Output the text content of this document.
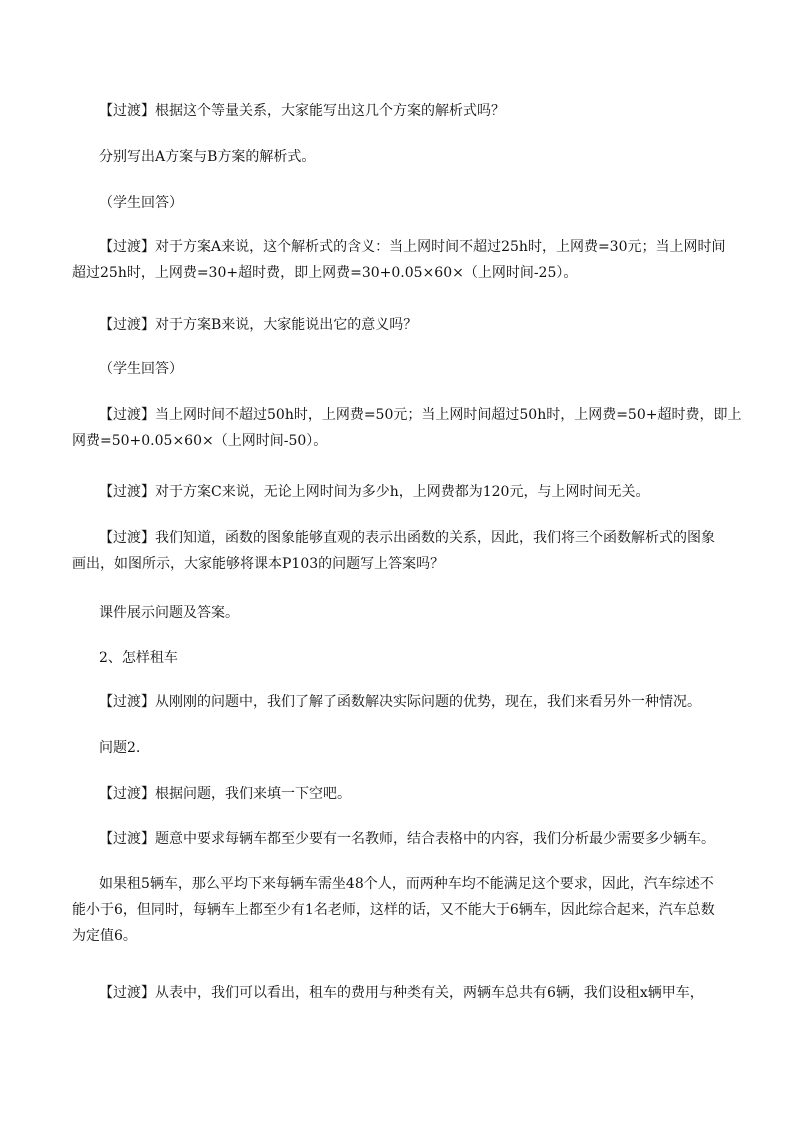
【过渡】根据这个等量关系，大家能写出这几个方案的解析式吗？
分别写出A方案与B方案的解析式。
（学生回答）
【过渡】对于方案A来说，这个解析式的含义：当上网时间不超过25h时，上网费=30元；当上网时间
超过25h时，上网费=30+超时费，即上网费=30+0.05×60×（上网时间-25）。
【过渡】对于方案B来说，大家能说出它的意义吗？
（学生回答）
【过渡】当上网时间不超过50h时，上网费=50元；当上网时间超过50h时，上网费=50+超时费，即上
网费=50+0.05×60×（上网时间-50）。
【过渡】对于方案C来说，无论上网时间为多少h，上网费都为120元，与上网时间无关。
【过渡】我们知道，函数的图象能够直观的表示出函数的关系，因此，我们将三个函数解析式的图象
画出，如图所示，大家能够将课本P103的问题写上答案吗？
课件展示问题及答案。
2、怎样租车
【过渡】从刚刚的问题中，我们了解了函数解决实际问题的优势，现在，我们来看另外一种情况。
问题2.
【过渡】根据问题，我们来填一下空吧。
【过渡】题意中要求每辆车都至少要有一名教师，结合表格中的内容，我们分析最少需要多少辆车。
如果租5辆车，那么平均下来每辆车需坐48个人，而两种车均不能满足这个要求，因此，汽车综述不
能小于6，但同时，每辆车上都至少有1名老师，这样的话，又不能大于6辆车，因此综合起来，汽车总数
为定值6。
【过渡】从表中，我们可以看出，租车的费用与种类有关，两辆车总共有6辆，我们设租x辆甲车，
